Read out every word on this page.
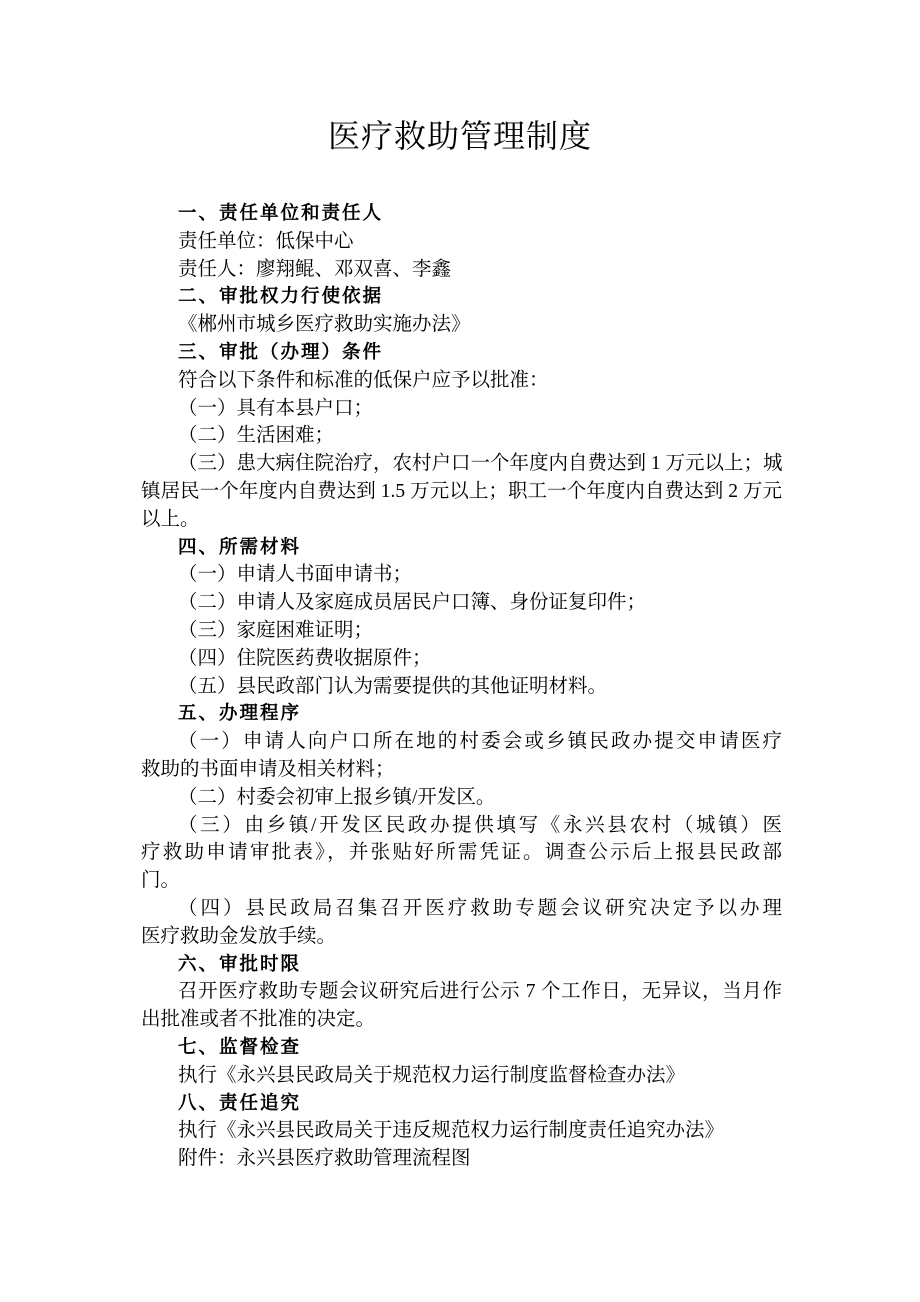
医疗救助管理制度
一、责任单位和责任人
责任单位：低保中心
责任人：廖翔鲲、邓双喜、李鑫
二、审批权力行使依据
《郴州市城乡医疗救助实施办法》
三、审批（办理）条件
符合以下条件和标准的低保户应予以批准：
（一）具有本县户口；
（二）生活困难；
（三）患大病住院治疗，农村户口一个年度内自费达到 1 万元以上；城
镇居民一个年度内自费达到 1.5 万元以上；职工一个年度内自费达到 2 万元
以上。
四、所需材料
（一）申请人书面申请书；
（二）申请人及家庭成员居民户口簿、身份证复印件；
（三）家庭困难证明；
（四）住院医药费收据原件；
（五）县民政部门认为需要提供的其他证明材料。
五、办理程序
（一）申请人向户口所在地的村委会或乡镇民政办提交申请医疗
救助的书面申请及相关材料；
（二）村委会初审上报乡镇/开发区。
（三）由乡镇/开发区民政办提供填写《永兴县农村（城镇）医
疗救助申请审批表》，并张贴好所需凭证。调查公示后上报县民政部
门。
（四）县民政局召集召开医疗救助专题会议研究决定予以办理
医疗救助金发放手续。
六、审批时限
召开医疗救助专题会议研究后进行公示 7 个工作日，无异议，当月作
出批准或者不批准的决定。
七、监督检查
执行《永兴县民政局关于规范权力运行制度监督检查办法》
八、责任追究
执行《永兴县民政局关于违反规范权力运行制度责任追究办法》
附件：永兴县医疗救助管理流程图
